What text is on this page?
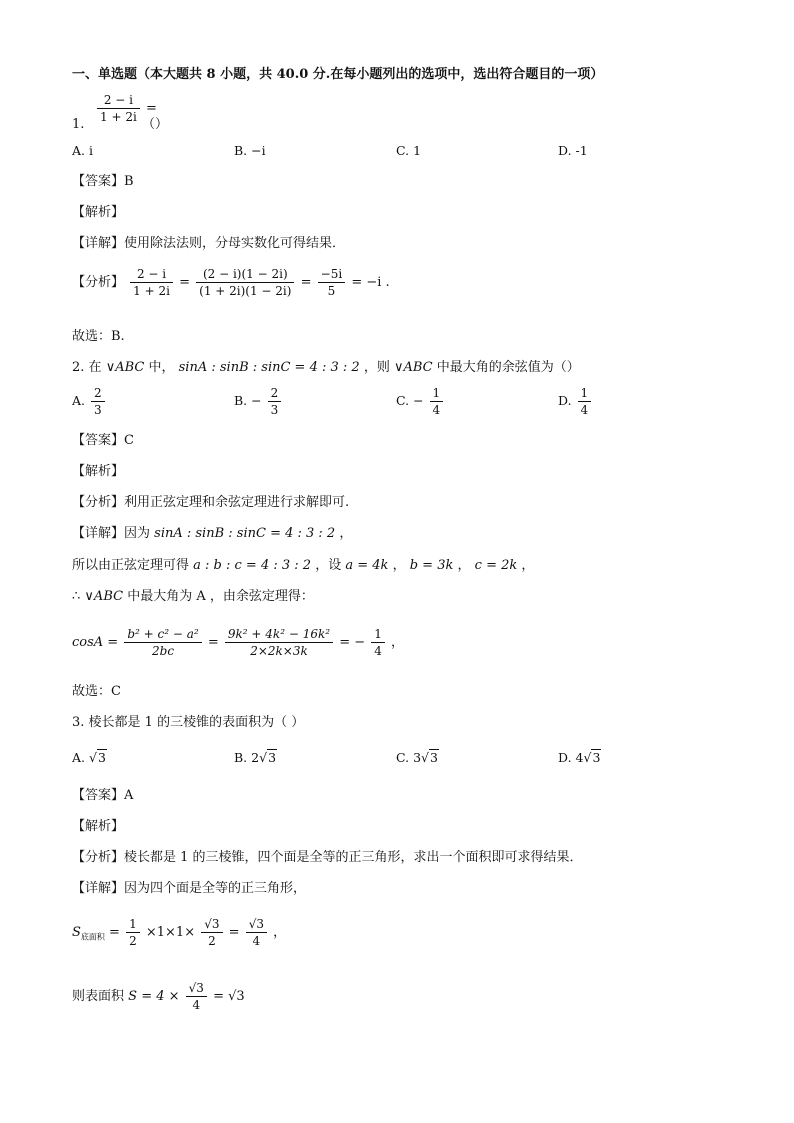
一、单选题（本大题共 8 小题，共 40.0 分.在每小题列出的选项中，选出符合题目的一项）
$\frac{2 - i}{1 + 2i}$ =
1.	（）
A. i	B. −i	C. 1	D. -1
【答案】B
【解析】
【详解】使用除法法则，分母实数化可得结果．
【分析】 $\frac{2 - i}{1 + 2i} = \frac{(2 - i)(1 - 2i)}{(1 + 2i)(1 - 2i)} = \frac{-5i}{5} = -i$ .
故选：B.
2. 在 ∨ABC 中， sinA : sinB : sinC = 4 : 3 : 2 ，则 ∨ABC 中最大角的余弦值为（）
A. $\frac{2}{3}$	B. − $\frac{2}{3}$	C. − $\frac{1}{4}$	D. $\frac{1}{4}$
【答案】C
【解析】
【分析】利用正弦定理和余弦定理进行求解即可.
【详解】因为 sinA : sinB : sinC = 4 : 3 : 2 ，
所以由正弦定理可得 a : b : c = 4 : 3 : 2 ，设 a = 4k ， b = 3k ， c = 2k ，
∴ ∨ABC 中最大角为 A ，由余弦定理得：
$\cos A = \frac{\text{b² + c² − a²}}{2bc} = \frac{\text{9k² + 4k² − 16k²}}{2\times 2k\times 3k}$ = − $\frac{1}{4}$ ，
故选：C
3. 棱长都是 1 的三棱锥的表面积为（ ）
A. √3	B. 2√3	C. 3√3	D. 4√3
【答案】A
【解析】
【分析】棱长都是 1 的三棱锥，四个面是全等的正三角形，求出一个面积即可求得结果．
【详解】因为四个面是全等的正三角形，
$S_{底面积} = \frac{1}{2} \times 1\times 1\times \frac{√3}{2} = \frac{√3}{4}$ ，
则表面积 $S = 4 \times \frac{√3}{4} = √3$
